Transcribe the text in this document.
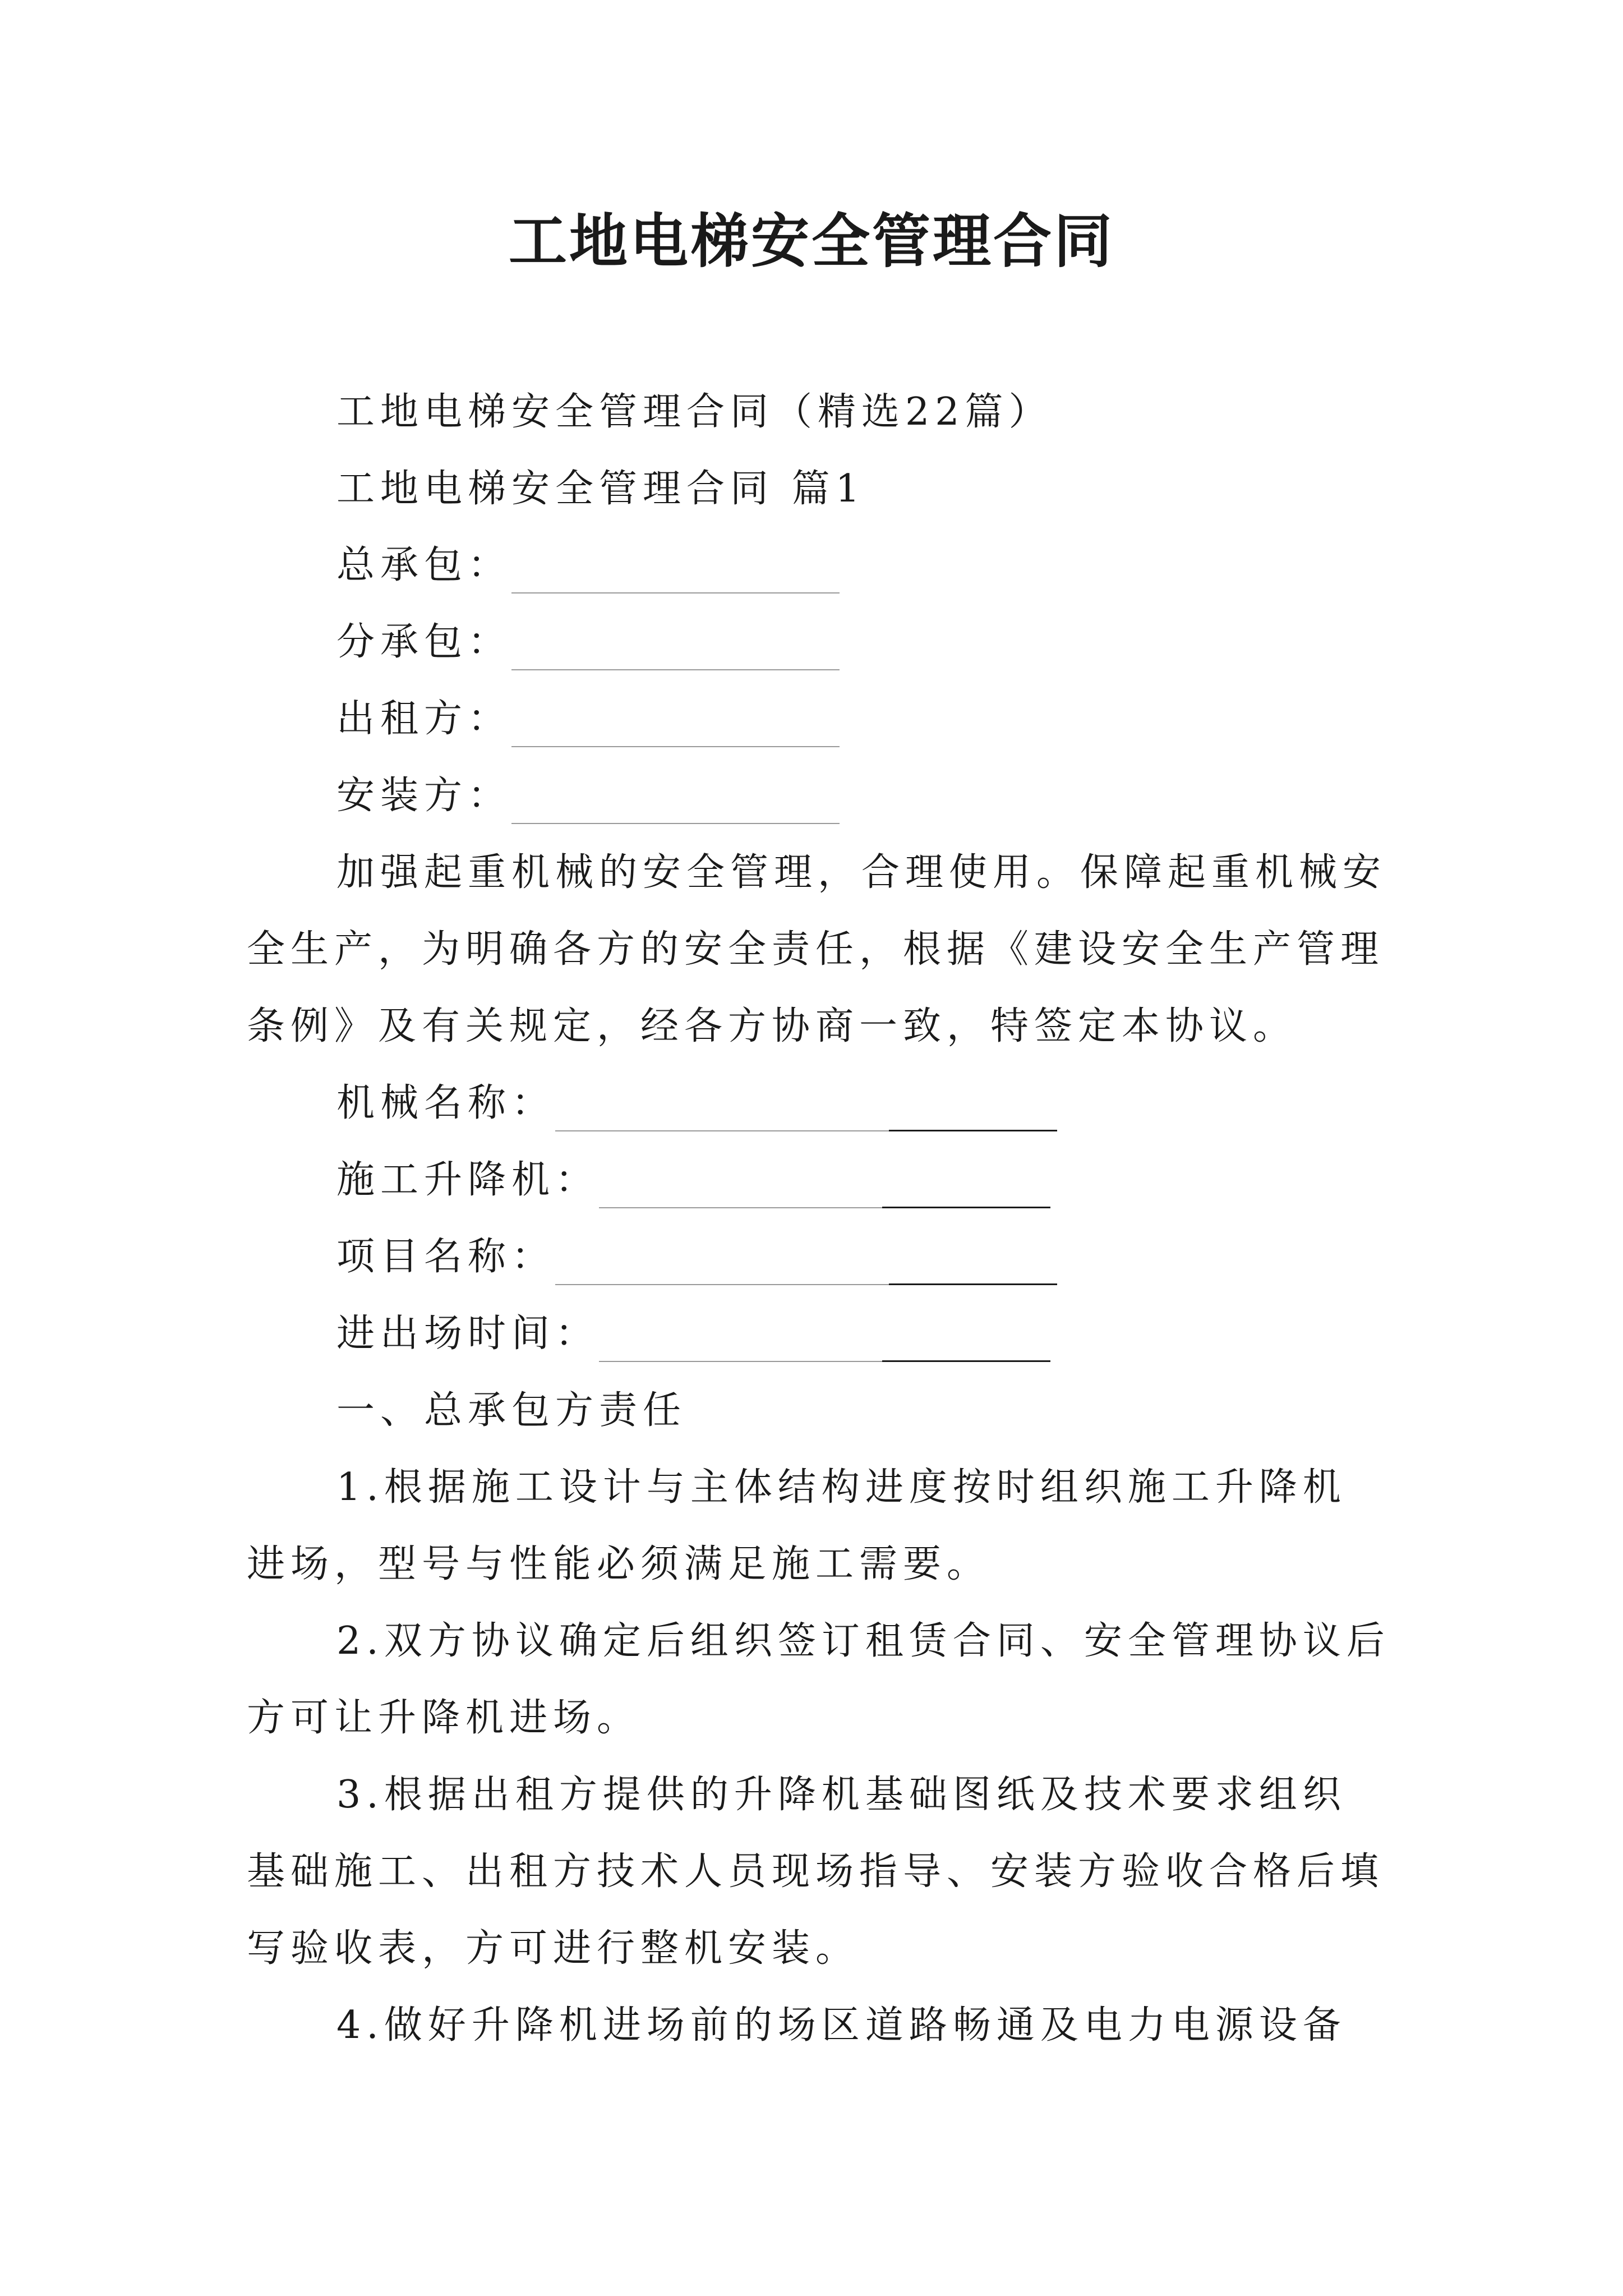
工地电梯安全管理合同
工地电梯安全管理合同（精选22篇）
工地电梯安全管理合同 篇1
总承包：
分承包：
出租方：
安装方：
加强起重机械的安全管理，合理使用。保障起重机械安
全生产，为明确各方的安全责任，根据《建设安全生产管理
条例》及有关规定，经各方协商一致，特签定本协议。
机械名称：
施工升降机：
项目名称：
进出场时间：
一、总承包方责任
1.根据施工设计与主体结构进度按时组织施工升降机
进场，型号与性能必须满足施工需要。
2.双方协议确定后组织签订租赁合同、安全管理协议后
方可让升降机进场。
3.根据出租方提供的升降机基础图纸及技术要求组织
基础施工、出租方技术人员现场指导、安装方验收合格后填
写验收表，方可进行整机安装。
4.做好升降机进场前的场区道路畅通及电力电源设备
